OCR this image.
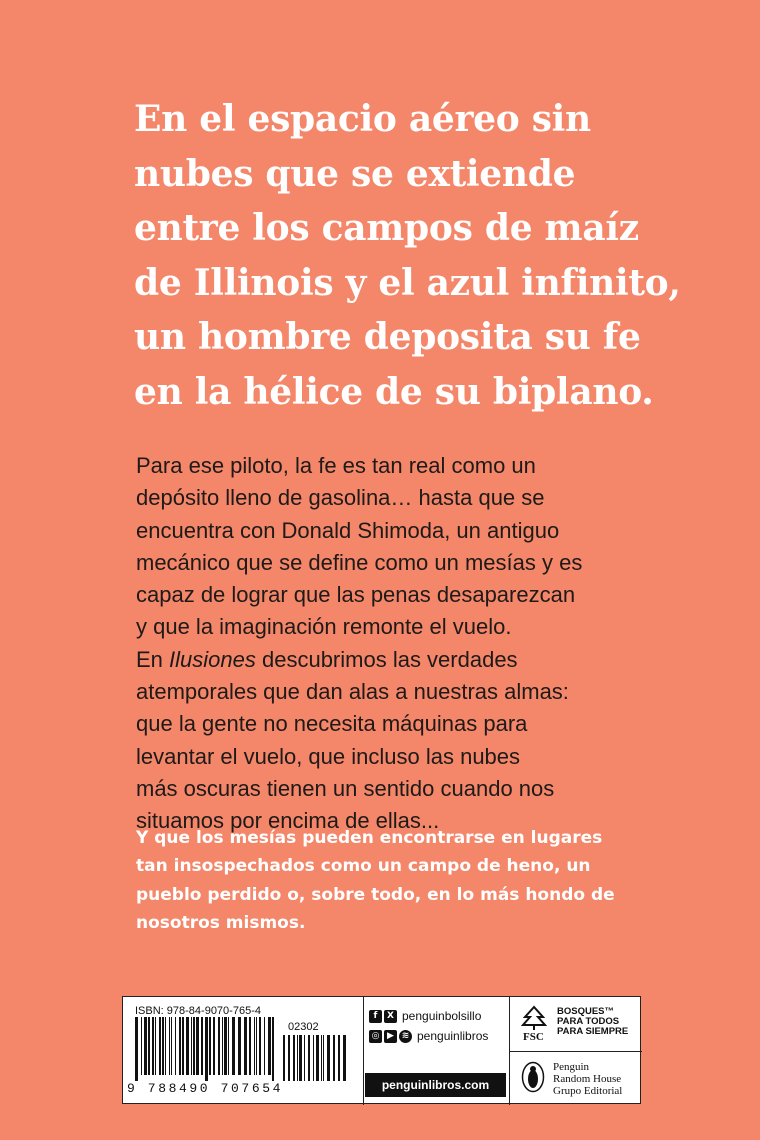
En el espacio aéreo sin
nubes que se extiende
entre los campos de maíz
de Illinois y el azul infinito,
un hombre deposita su fe
en la hélice de su biplano.
Para ese piloto, la fe es tan real como un
depósito lleno de gasolina… hasta que se
encuentra con Donald Shimoda, un antiguo
mecánico que se define como un mesías y es
capaz de lograr que las penas desaparezcan
y que la imaginación remonte el vuelo.
En Ilusiones descubrimos las verdades
atemporales que dan alas a nuestras almas:
que la gente no necesita máquinas para
levantar el vuelo, que incluso las nubes
más oscuras tienen un sentido cuando nos
situamos por encima de ellas...
Y que los mesías pueden encontrarse en lugares
tan insospechados como un campo de heno, un
pueblo perdido o, sobre todo, en lo más hondo de
nosotros mismos.
ISBN: 978-84-9070-765-4
02302
9 788490 707654
f	X penguinbolsillo
◎ ▶ ≋ penguinlibros
penguinlibros.com
FSC
BOSQUES™
PARA TODOS
PARA SIEMPRE
Penguin
Random House
Grupo Editorial
